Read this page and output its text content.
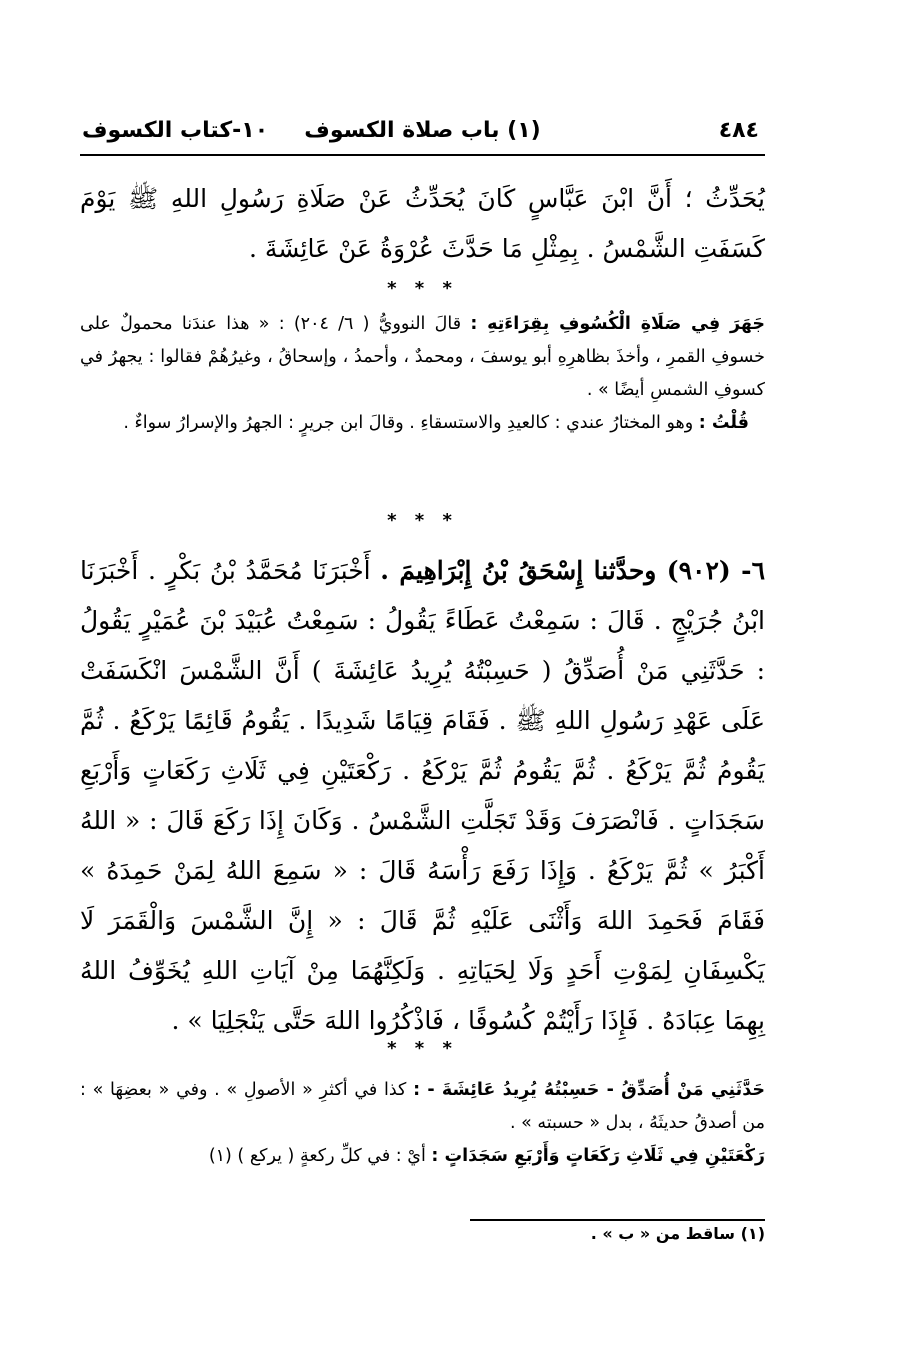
٤٨٤
(١) باب صلاة الكسوف
١٠-كتاب الكسوف
يُحَدِّثُ ؛ أَنَّ ابْنَ عَبَّاسٍ كَانَ يُحَدِّثُ عَنْ صَلَاةِ رَسُولِ اللهِ ﷺ يَوْمَ كَسَفَتِ الشَّمْسُ . بِمِثْلِ مَا حَدَّثَ عُرْوَةُ عَنْ عَائِشَةَ .
* * *
جَهَرَ فِي صَلَاةِ الْكُسُوفِ بِقِرَاءَتِهِ : قالَ النوويُّ ( ٦/ ٢٠٤) : « هذا عندَنا محمولٌ على خسوفِ القمرِ ، وأخذَ بظاهرِهِ أبو يوسفَ ، ومحمدٌ ، وأحمدُ ، وإسحاقُ ، وغيرُهُمْ فقالوا : يجهرُ في كسوفِ الشمسِ أيضًا » .
قُلْتُ : وهو المختارُ عندي : كالعيدِ والاستسقاءِ . وقالَ ابن جريرٍ : الجهرُ والإسرارُ سواءٌ .
* * *
٦- (٩٠٢) وحدَّثنا إِسْحَقُ بْنُ إِبْرَاهِيمَ . أَخْبَرَنَا مُحَمَّدُ بْنُ بَكْرٍ . أَخْبَرَنَا ابْنُ جُرَيْجٍ . قَالَ : سَمِعْتُ عَطَاءً يَقُولُ : سَمِعْتُ عُبَيْدَ بْنَ عُمَيْرٍ يَقُولُ : حَدَّثَنِي مَنْ أُصَدِّقُ ( حَسِبْتُهُ يُرِيدُ عَائِشَةَ ) أَنَّ الشَّمْسَ انْكَسَفَتْ عَلَى عَهْدِ رَسُولِ اللهِ ﷺ . فَقَامَ قِيَامًا شَدِيدًا . يَقُومُ قَائِمًا يَرْكَعُ . ثُمَّ يَقُومُ ثُمَّ يَرْكَعُ . ثُمَّ يَقُومُ ثُمَّ يَرْكَعُ . رَكْعَتَيْنِ فِي ثَلَاثِ رَكَعَاتٍ وَأَرْبَعِ سَجَدَاتٍ . فَانْصَرَفَ وَقَدْ تَجَلَّتِ الشَّمْسُ . وَكَانَ إِذَا رَكَعَ قَالَ : « اللهُ أَكْبَرُ » ثُمَّ يَرْكَعُ . وَإِذَا رَفَعَ رَأْسَهُ قَالَ : « سَمِعَ اللهُ لِمَنْ حَمِدَهُ » فَقَامَ فَحَمِدَ اللهَ وَأَثْنَى عَلَيْهِ ثُمَّ قَالَ : « إِنَّ الشَّمْسَ وَالْقَمَرَ لَا يَكْسِفَانِ لِمَوْتِ أَحَدٍ وَلَا لِحَيَاتِهِ . وَلَكِنَّهُمَا مِنْ آيَاتِ اللهِ يُخَوِّفُ اللهُ بِهِمَا عِبَادَهُ . فَإِذَا رَأَيْتُمْ كُسُوفًا ، فَاذْكُرُوا اللهَ حَتَّى يَنْجَلِيَا » .
* * *
حَدَّثَنِي مَنْ أُصَدِّقُ - حَسِبْتُهُ يُرِيدُ عَائِشَةَ - : كذا في أكثرِ « الأصولِ » . وفي « بعضِهَا » : من أصدقُ حديثَهُ ، بدل « حسبته » .
رَكْعَتَيْنِ فِي ثَلَاثِ رَكَعَاتٍ وَأَرْبَعِ سَجَدَاتٍ : أيْ : في كلِّ ركعةٍ ( يركع ) (١)
(١) ساقط من « ب » .
